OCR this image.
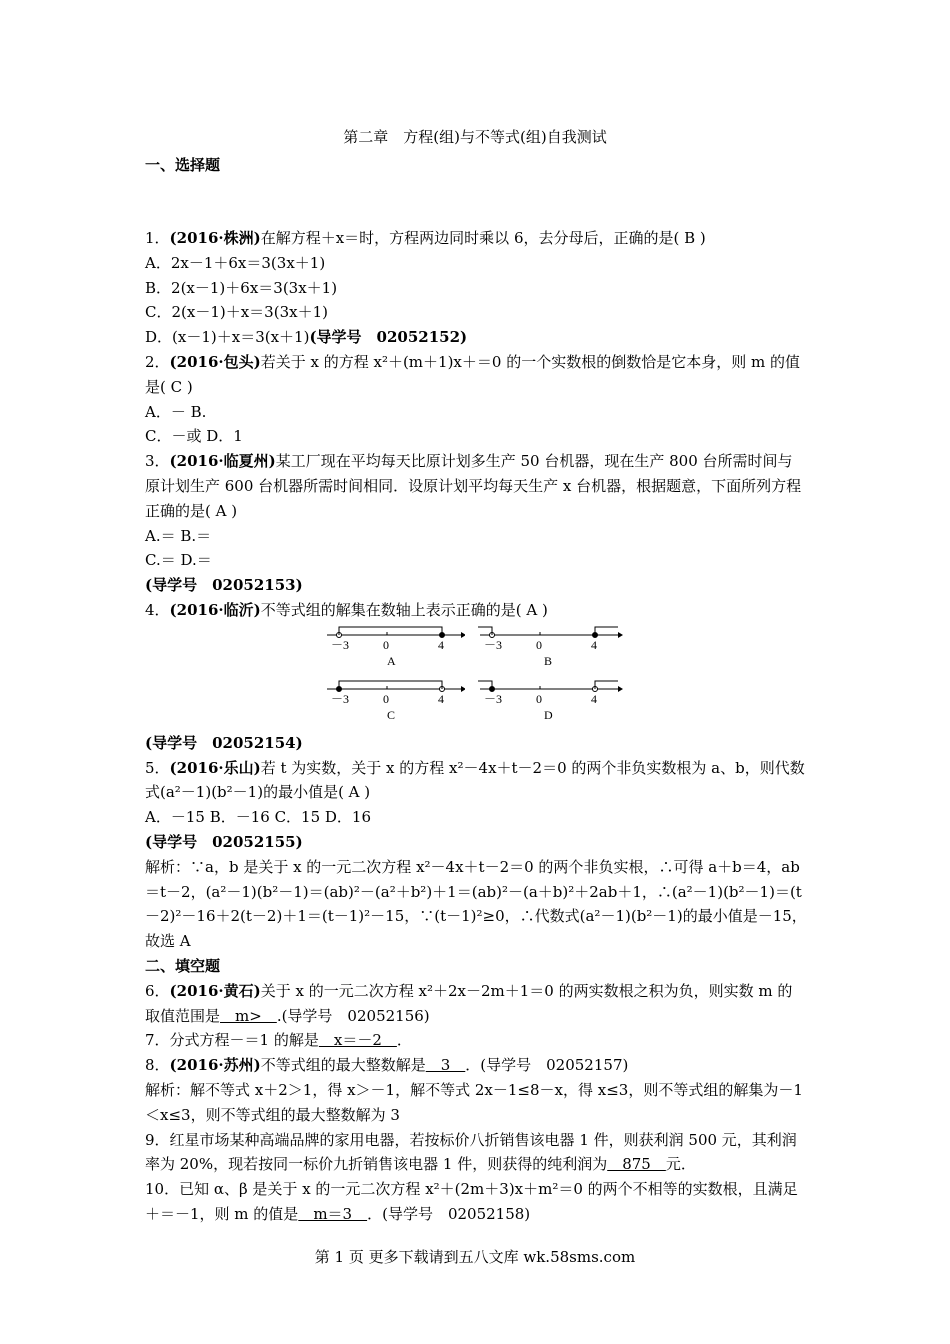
第二章　方程(组)与不等式(组)自我测试
一、选择题

1．(2016·株洲)在解方程＋x＝时，方程两边同时乘以 6，去分母后，正确的是( B )

A．2x－1＋6x＝3(3x＋1)

B．2(x－1)＋6x＝3(3x＋1)

C．2(x－1)＋x＝3(3x＋1)

D．(x－1)＋x＝3(x＋1)(导学号　02052152)

2．(2016·包头)若关于 x 的方程 x²＋(m＋1)x＋＝0 的一个实数根的倒数恰是它本身，则 m 的值是( C )

A．－ B.

C．－或 D．1

3．(2016·临夏州)某工厂现在平均每天比原计划多生产 50 台机器，现在生产 800 台所需时间与原计划生产 600 台机器所需时间相同．设原计划平均每天生产 x 台机器，根据题意，下面所列方程正确的是( A )

A.＝ B.＝

C.＝ D.＝

(导学号　02052153)

4．(2016·临沂)不等式组的解集在数轴上表示正确的是( A )

－3	0	4
A
－3	0	4
B
－3	0	4
C
－3	0	4
D

(导学号　02052154)

5．(2016·乐山)若 t 为实数，关于 x 的方程 x²－4x＋t－2＝0 的两个非负实数根为 a、b，则代数式(a²－1)(b²－1)的最小值是( A )

A．－15 B．－16 C．15 D．16

(导学号　02052155)

解析：∵a，b 是关于 x 的一元二次方程 x²－4x＋t－2＝0 的两个非负实根，∴可得 a＋b＝4，ab＝t－2，(a²－1)(b²－1)＝(ab)²－(a²＋b²)＋1＝(ab)²－(a＋b)²＋2ab＋1，∴(a²－1)(b²－1)＝(t－2)²－16＋2(t－2)＋1＝(t－1)²－15，∵(t－1)²≥0，∴代数式(a²－1)(b²－1)的最小值是－15，故选 A

二、填空题

6．(2016·黄石)关于 x 的一元二次方程 x²＋2x－2m＋1＝0 的两实数根之积为负，则实数 m 的取值范围是　m>　.(导学号　02052156)

7．分式方程－＝1 的解是　x＝－2　．

8．(2016·苏州)不等式组的最大整数解是　3　．(导学号　02052157)

解析：解不等式 x＋2＞1，得 x＞－1，解不等式 2x－1≤8－x，得 x≤3，则不等式组的解集为－1＜x≤3，则不等式组的最大整数解为 3

9．红星市场某种高端品牌的家用电器，若按标价八折销售该电器 1 件，则获利润 500 元，其利润率为 20%，现若按同一标价九折销售该电器 1 件，则获得的纯利润为　875　元．

10．已知 α、β 是关于 x 的一元二次方程 x²＋(2m＋3)x＋m²＝0 的两个不相等的实数根，且满足＋＝－1，则 m 的值是　m＝3　．(导学号　02052158)

第 1 页 更多下载请到五八文库 wk.58sms.com
